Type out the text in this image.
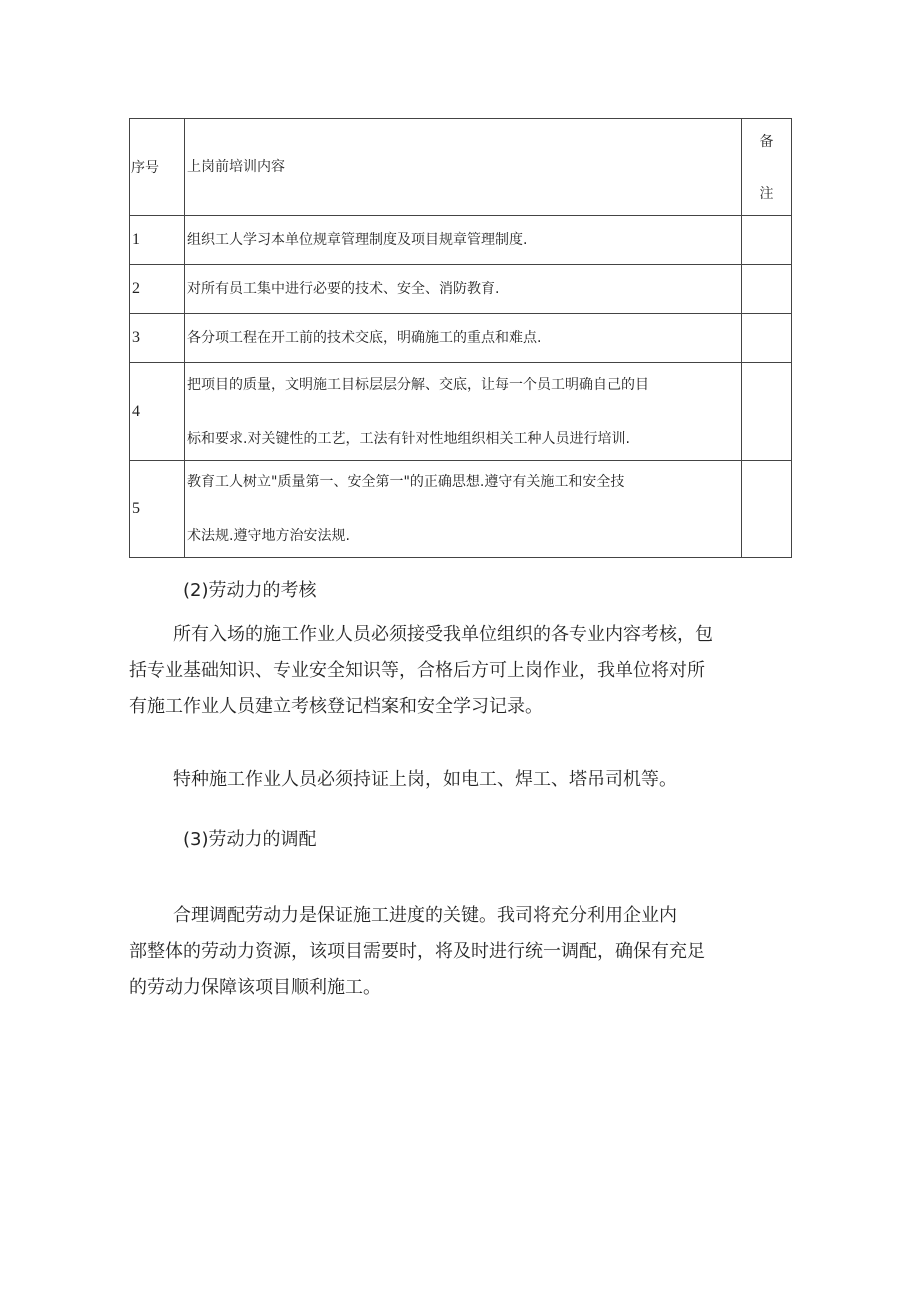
序号	上岗前培训内容	备
注

1	组织工人学习本单位规章管理制度及项目规章管理制度.	
2	对所有员工集中进行必要的技术、安全、消防教育.	
3	各分项工程在开工前的技术交底，明确施工的重点和难点.	
4	把项目的质量，文明施工目标层层分解、交底，让每一个员工明确自己的目
标和要求.对关键性的工艺，工法有针对性地组织相关工种人员进行培训.	

5	教育工人树立"质量第一、安全第一"的正确思想.遵守有关施工和安全技
术法规.遵守地方治安法规.	

(2)劳动力的考核
所有入场的施工作业人员必须接受我单位组织的各专业内容考核，包
括专业基础知识、专业安全知识等，合格后方可上岗作业，我单位将对所
有施工作业人员建立考核登记档案和安全学习记录。
特种施工作业人员必须持证上岗，如电工、焊工、塔吊司机等。
(3)劳动力的调配
合理调配劳动力是保证施工进度的关键。我司将充分利用企业内
部整体的劳动力资源，该项目需要时，将及时进行统一调配，确保有充足
的劳动力保障该项目顺利施工。
